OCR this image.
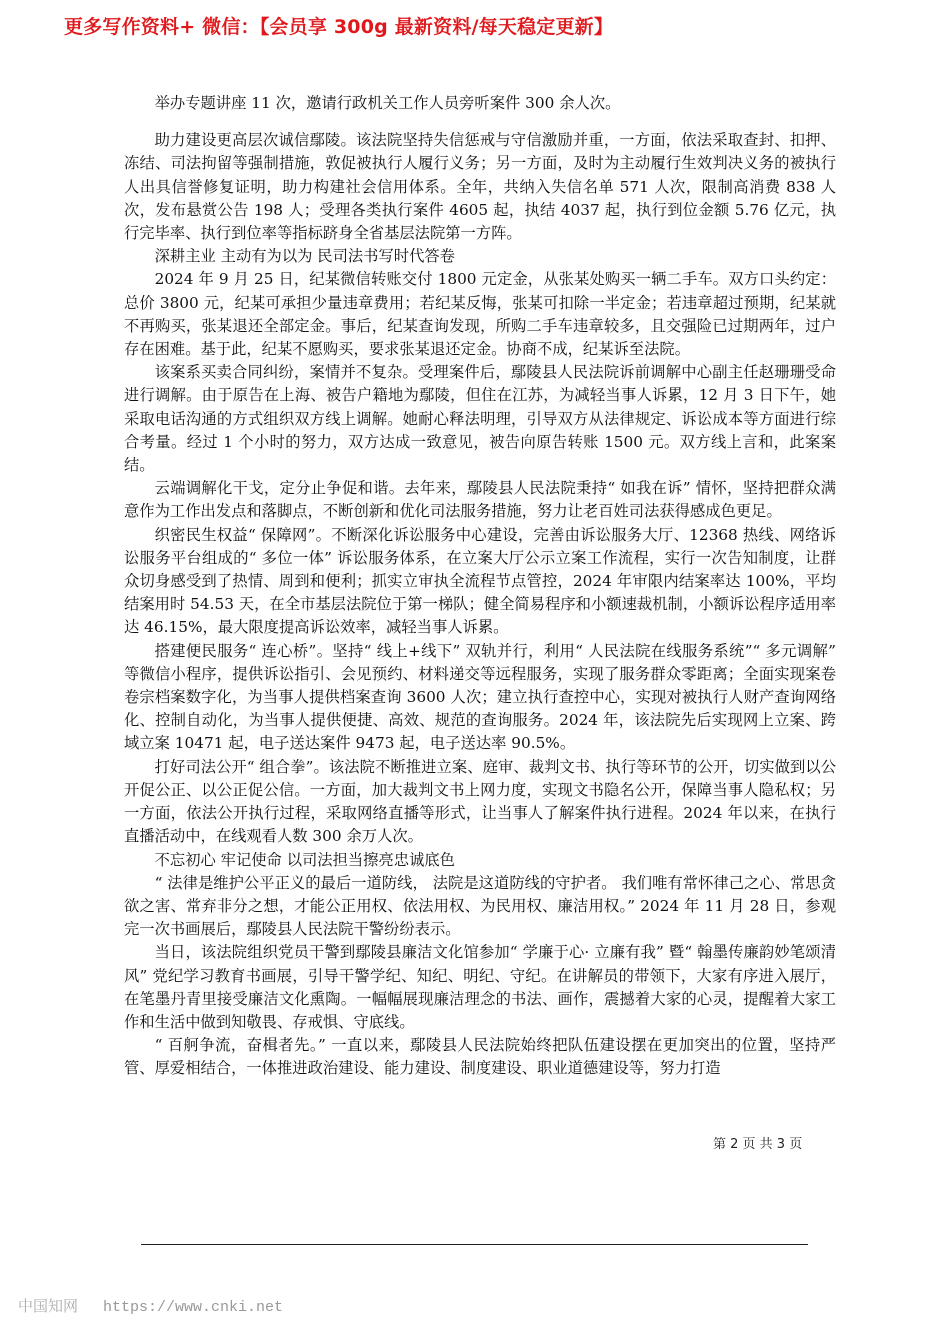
更多写作资料+ 微信：【会员享 300g 最新资料/每天稳定更新】

举办专题讲座 11 次，邀请行政机关工作人员旁听案件 300 余人次。

助力建设更高层次诚信鄢陵。该法院坚持失信惩戒与守信激励并重，一方面，依法采取查封、扣押、冻结、司法拘留等强制措施，敦促被执行人履行义务；另一方面，及时为主动履行生效判决义务的被执行人出具信誉修复证明，助力构建社会信用体系。全年，共纳入失信名单 571 人次，限制高消费 838 人次，发布悬赏公告 198 人；受理各类执行案件 4605 起，执结 4037 起，执行到位金额 5.76 亿元，执行完毕率、执行到位率等指标跻身全省基层法院第一方阵。

深耕主业 主动有为以为 民司法书写时代答卷

2024 年 9 月 25 日，纪某微信转账交付 1800 元定金，从张某处购买一辆二手车。双方口头约定：总价 3800 元，纪某可承担少量违章费用；若纪某反悔，张某可扣除一半定金；若违章超过预期，纪某就不再购买，张某退还全部定金。事后，纪某查询发现，所购二手车违章较多，且交强险已过期两年，过户存在困难。基于此，纪某不愿购买，要求张某退还定金。协商不成，纪某诉至法院。

该案系买卖合同纠纷，案情并不复杂。受理案件后，鄢陵县人民法院诉前调解中心副主任赵珊珊受命进行调解。由于原告在上海、被告户籍地为鄢陵，但住在江苏，为减轻当事人诉累，12 月 3 日下午，她采取电话沟通的方式组织双方线上调解。她耐心释法明理，引导双方从法律规定、诉讼成本等方面进行综合考量。经过 1 个小时的努力，双方达成一致意见，被告向原告转账 1500 元。双方线上言和，此案案结。

云端调解化干戈，定分止争促和谐。去年来，鄢陵县人民法院秉持“ 如我在诉” 情怀，坚持把群众满意作为工作出发点和落脚点，不断创新和优化司法服务措施，努力让老百姓司法获得感成色更足。

织密民生权益“ 保障网”。不断深化诉讼服务中心建设，完善由诉讼服务大厅、12368 热线、网络诉讼服务平台组成的“ 多位一体” 诉讼服务体系，在立案大厅公示立案工作流程，实行一次告知制度，让群众切身感受到了热情、周到和便利；抓实立审执全流程节点管控，2024 年审限内结案率达 100%，平均结案用时 54.53 天，在全市基层法院位于第一梯队；健全简易程序和小额速裁机制，小额诉讼程序适用率达 46.15%，最大限度提高诉讼效率，减轻当事人诉累。

搭建便民服务“ 连心桥”。坚持“ 线上+线下” 双轨并行，利用“ 人民法院在线服务系统”“ 多元调解” 等微信小程序，提供诉讼指引、会见预约、材料递交等远程服务，实现了服务群众零距离；全面实现案卷卷宗档案数字化，为当事人提供档案查询 3600 人次；建立执行查控中心，实现对被执行人财产查询网络化、控制自动化，为当事人提供便捷、高效、规范的查询服务。2024 年，该法院先后实现网上立案、跨域立案 10471 起，电子送达案件 9473 起，电子送达率 90.5%。

打好司法公开“ 组合拳”。该法院不断推进立案、庭审、裁判文书、执行等环节的公开，切实做到以公开促公正、以公正促公信。一方面，加大裁判文书上网力度，实现文书隐名公开，保障当事人隐私权；另一方面，依法公开执行过程，采取网络直播等形式，让当事人了解案件执行进程。2024 年以来，在执行直播活动中，在线观看人数 300 余万人次。

不忘初心 牢记使命 以司法担当擦亮忠诚底色

“ 法律是维护公平正义的最后一道防线， 法院是这道防线的守护者。 我们唯有常怀律己之心、常思贪欲之害、常弃非分之想，才能公正用权、依法用权、为民用权、廉洁用权。” 2024 年 11 月 28 日，参观完一次书画展后，鄢陵县人民法院干警纷纷表示。

当日，该法院组织党员干警到鄢陵县廉洁文化馆参加“ 学廉于心· 立廉有我” 暨“ 翰墨传廉韵妙笔颂清风” 党纪学习教育书画展，引导干警学纪、知纪、明纪、守纪。在讲解员的带领下，大家有序进入展厅，在笔墨丹青里接受廉洁文化熏陶。一幅幅展现廉洁理念的书法、画作，震撼着大家的心灵，提醒着大家工作和生活中做到知敬畏、存戒惧、守底线。

“ 百舸争流，奋楫者先。” 一直以来，鄢陵县人民法院始终把队伍建设摆在更加突出的位置，坚持严管、厚爱相结合，一体推进政治建设、能力建设、制度建设、职业道德建设等，努力打造

第 2 页 共 3 页
中国知网 https://www.cnki.net
